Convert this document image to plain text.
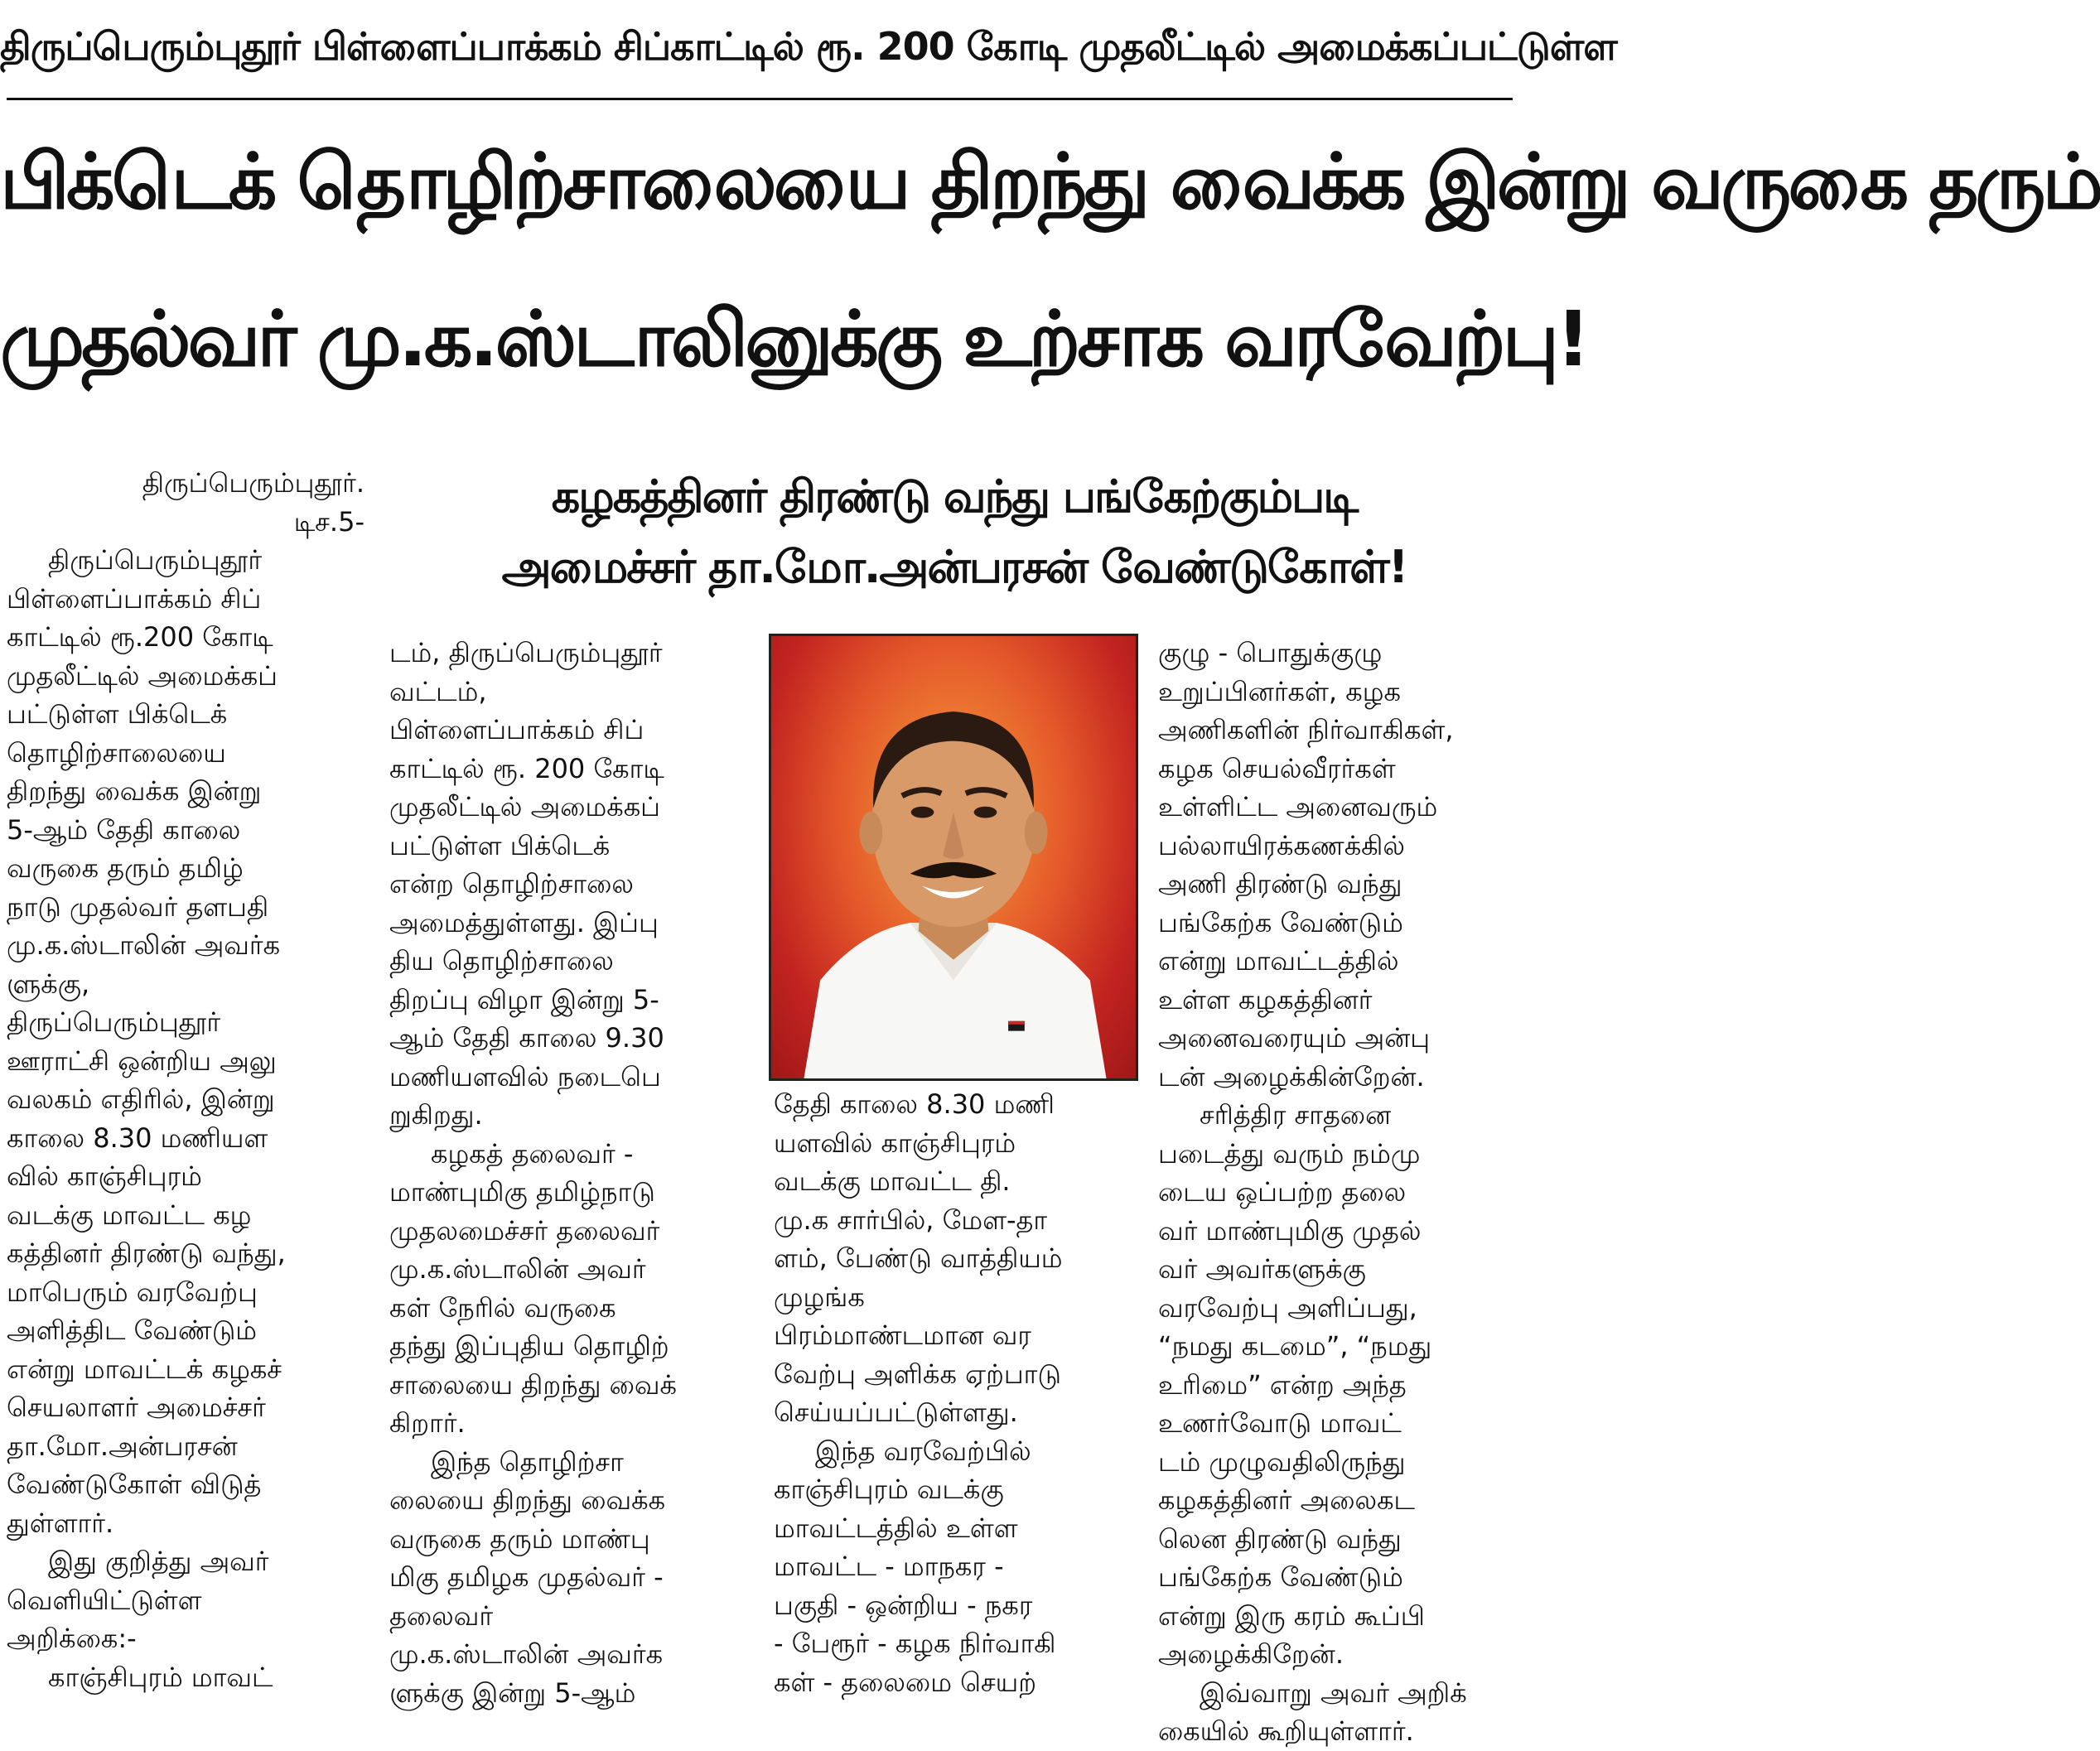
திருப்பெரும்புதூர் பிள்ளைப்பாக்கம் சிப்காட்டில் ரூ. 200 கோடி முதலீட்டில் அமைக்கப்பட்டுள்ள
பிக்டெக் தொழிற்சாலையை திறந்து வைக்க இன்று வருகை தரும்
முதல்வர் மு.க.ஸ்டாலினுக்கு உற்சாக வரவேற்பு!
கழகத்தினர் திரண்டு வந்து பங்கேற்கும்படி
அமைச்சர் தா.மோ.அன்பரசன் வேண்டுகோள்!
திருப்பெரும்புதூர்.
டிச.5-
திருப்பெரும்புதூர்
பிள்ளைப்பாக்கம் சிப்
காட்டில் ரூ.200 கோடி
முதலீட்டில் அமைக்கப்
பட்டுள்ள பிக்டெக்
தொழிற்சாலையை
திறந்து வைக்க இன்று
5-ஆம் தேதி காலை
வருகை தரும் தமிழ்
நாடு முதல்வர் தளபதி
மு.க.ஸ்டாலின் அவர்க
ளுக்கு,
திருப்பெரும்புதூர்
ஊராட்சி ஒன்றிய அலு
வலகம் எதிரில், இன்று
காலை 8.30 மணியள
வில் காஞ்சிபுரம்
வடக்கு மாவட்ட கழ
கத்தினர் திரண்டு வந்து,
மாபெரும் வரவேற்பு
அளித்திட வேண்டும்
என்று மாவட்டக் கழகச்
செயலாளர் அமைச்சர்
தா.மோ.அன்பரசன்
வேண்டுகோள் விடுத்
துள்ளார்.
இது குறித்து அவர்
வெளியிட்டுள்ள
அறிக்கை:-
காஞ்சிபுரம் மாவட்
டம், திருப்பெரும்புதூர்
வட்டம்,
பிள்ளைப்பாக்கம் சிப்
காட்டில் ரூ. 200 கோடி
முதலீட்டில் அமைக்கப்
பட்டுள்ள பிக்டெக்
என்ற தொழிற்சாலை
அமைத்துள்ளது. இப்பு
திய தொழிற்சாலை
திறப்பு விழா இன்று 5-
ஆம் தேதி காலை 9.30
மணியளவில் நடைபெ
றுகிறது.
கழகத் தலைவர் -
மாண்புமிகு தமிழ்நாடு
முதலமைச்சர் தலைவர்
மு.க.ஸ்டாலின் அவர்
கள் நேரில் வருகை
தந்து இப்புதிய தொழிற்
சாலையை திறந்து வைக்
கிறார்.
இந்த தொழிற்சா
லையை திறந்து வைக்க
வருகை தரும் மாண்பு
மிகு தமிழக முதல்வர் -
தலைவர்
மு.க.ஸ்டாலின் அவர்க
ளுக்கு இன்று 5-ஆம்
தேதி காலை 8.30 மணி
யளவில் காஞ்சிபுரம்
வடக்கு மாவட்ட தி.
மு.க சார்பில், மேள-தா
ளம், பேண்டு வாத்தியம்
முழங்க
பிரம்மாண்டமான வர
வேற்பு அளிக்க ஏற்பாடு
செய்யப்பட்டுள்ளது.
இந்த வரவேற்பில்
காஞ்சிபுரம் வடக்கு
மாவட்டத்தில் உள்ள
மாவட்ட - மாநகர -
பகுதி - ஒன்றிய - நகர
- பேரூர் - கழக நிர்வாகி
கள் - தலைமை செயற்
குழு - பொதுக்குழு
உறுப்பினர்கள், கழக
அணிகளின் நிர்வாகிகள்,
கழக செயல்வீரர்கள்
உள்ளிட்ட அனைவரும்
பல்லாயிரக்கணக்கில்
அணி திரண்டு வந்து
பங்கேற்க வேண்டும்
என்று மாவட்டத்தில்
உள்ள கழகத்தினர்
அனைவரையும் அன்பு
டன் அழைக்கின்றேன்.
சரித்திர சாதனை
படைத்து வரும் நம்மு
டைய ஒப்பற்ற தலை
வர் மாண்புமிகு முதல்
வர் அவர்களுக்கு
வரவேற்பு அளிப்பது,
“நமது கடமை”, “நமது
உரிமை” என்ற அந்த
உணர்வோடு மாவட்
டம் முழுவதிலிருந்து
கழகத்தினர் அலைகட
லென திரண்டு வந்து
பங்கேற்க வேண்டும்
என்று இரு கரம் கூப்பி
அழைக்கிறேன்.
இவ்வாறு அவர் அறிக்
கையில் கூறியுள்ளார்.
